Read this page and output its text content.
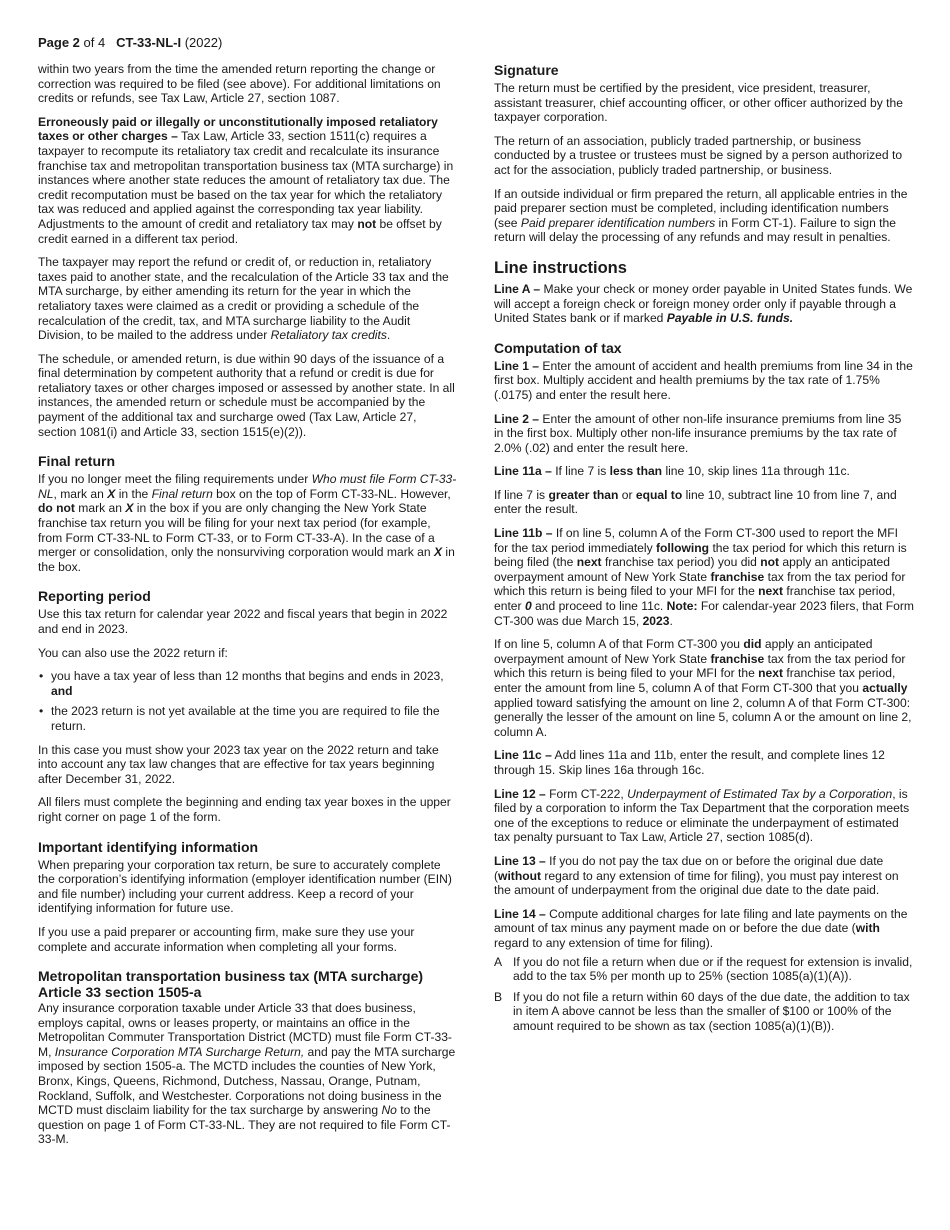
Page 2 of 4 CT-33-NL-I (2022)

within two years from the time the amended return reporting the change or correction was required to be filed (see above). For additional limitations on credits or refunds, see Tax Law, Article 27, section 1087.

Erroneously paid or illegally or unconstitutionally imposed retaliatory taxes or other charges – Tax Law, Article 33, section 1511(c) requires a taxpayer to recompute its retaliatory tax credit and recalculate its insurance franchise tax and metropolitan transportation business tax (MTA surcharge) in instances where another state reduces the amount of retaliatory tax due. The credit recomputation must be based on the tax year for which the retaliatory tax was reduced and applied against the corresponding tax year liability. Adjustments to the amount of credit and retaliatory tax may not be offset by credit earned in a different tax period.

The taxpayer may report the refund or credit of, or reduction in, retaliatory taxes paid to another state, and the recalculation of the Article 33 tax and the MTA surcharge, by either amending its return for the year in which the retaliatory taxes were claimed as a credit or providing a schedule of the recalculation of the credit, tax, and MTA surcharge liability to the Audit Division, to be mailed to the address under Retaliatory tax credits.

The schedule, or amended return, is due within 90 days of the issuance of a final determination by competent authority that a refund or credit is due for retaliatory taxes or other charges imposed or assessed by another state. In all instances, the amended return or schedule must be accompanied by the payment of the additional tax and surcharge owed (Tax Law, Article 27, section 1081(i) and Article 33, section 1515(e)(2)).

Final return

If you no longer meet the filing requirements under Who must file Form CT-33-NL, mark an X in the Final return box on the top of Form CT-33-NL. However, do not mark an X in the box if you are only changing the New York State franchise tax return you will be filing for your next tax period (for example, from Form CT-33-NL to Form CT-33, or to Form CT-33-A). In the case of a merger or consolidation, only the nonsurviving corporation would mark an X in the box.

Reporting period

Use this tax return for calendar year 2022 and fiscal years that begin in 2022 and end in 2023.

You can also use the 2022 return if:

• you have a tax year of less than 12 months that begins and ends in 2023, and
• the 2023 return is not yet available at the time you are required to file the return.

In this case you must show your 2023 tax year on the 2022 return and take into account any tax law changes that are effective for tax years beginning after December 31, 2022.

All filers must complete the beginning and ending tax year boxes in the upper right corner on page 1 of the form.

Important identifying information

When preparing your corporation tax return, be sure to accurately complete the corporation’s identifying information (employer identification number (EIN) and file number) including your current address. Keep a record of your identifying information for future use.

If you use a paid preparer or accounting firm, make sure they use your complete and accurate information when completing all your forms.

Metropolitan transportation business tax (MTA surcharge)
Article 33 section 1505-a

Any insurance corporation taxable under Article 33 that does business, employs capital, owns or leases property, or maintains an office in the Metropolitan Commuter Transportation District (MCTD) must file Form CT-33-M, Insurance Corporation MTA Surcharge Return, and pay the MTA surcharge imposed by section 1505-a. The MCTD includes the counties of New York, Bronx, Kings, Queens, Richmond, Dutchess, Nassau, Orange, Putnam, Rockland, Suffolk, and Westchester. Corporations not doing business in the MCTD must disclaim liability for the tax surcharge by answering No to the question on page 1 of Form CT-33-NL. They are not required to file Form CT-33-M.

Signature

The return must be certified by the president, vice president, treasurer, assistant treasurer, chief accounting officer, or other officer authorized by the taxpayer corporation.

The return of an association, publicly traded partnership, or business conducted by a trustee or trustees must be signed by a person authorized to act for the association, publicly traded partnership, or business.

If an outside individual or firm prepared the return, all applicable entries in the paid preparer section must be completed, including identification numbers (see Paid preparer identification numbers in Form CT-1). Failure to sign the return will delay the processing of any refunds and may result in penalties.

Line instructions

Line A – Make your check or money order payable in United States funds. We will accept a foreign check or foreign money order only if payable through a United States bank or if marked Payable in U.S. funds.

Computation of tax

Line 1 – Enter the amount of accident and health premiums from line 34 in the first box. Multiply accident and health premiums by the tax rate of 1.75% (.0175) and enter the result here.

Line 2 – Enter the amount of other non-life insurance premiums from line 35 in the first box. Multiply other non-life insurance premiums by the tax rate of 2.0% (.02) and enter the result here.

Line 11a – If line 7 is less than line 10, skip lines 11a through 11c.

If line 7 is greater than or equal to line 10, subtract line 10 from line 7, and enter the result.

Line 11b – If on line 5, column A of the Form CT-300 used to report the MFI for the tax period immediately following the tax period for which this return is being filed (the next franchise tax period) you did not apply an anticipated overpayment amount of New York State franchise tax from the tax period for which this return is being filed to your MFI for the next franchise tax period, enter 0 and proceed to line 11c. Note: For calendar-year 2023 filers, that Form CT-300 was due March 15, 2023.

If on line 5, column A of that Form CT-300 you did apply an anticipated overpayment amount of New York State franchise tax from the tax period for which this return is being filed to your MFI for the next franchise tax period, enter the amount from line 5, column A of that Form CT-300 that you actually applied toward satisfying the amount on line 2, column A of that Form CT-300: generally the lesser of the amount on line 5, column A or the amount on line 2, column A.

Line 11c – Add lines 11a and 11b, enter the result, and complete lines 12 through 15. Skip lines 16a through 16c.

Line 12 – Form CT-222, Underpayment of Estimated Tax by a Corporation, is filed by a corporation to inform the Tax Department that the corporation meets one of the exceptions to reduce or eliminate the underpayment of estimated tax penalty pursuant to Tax Law, Article 27, section 1085(d).

Line 13 – If you do not pay the tax due on or before the original due date (without regard to any extension of time for filing), you must pay interest on the amount of underpayment from the original due date to the date paid.

Line 14 – Compute additional charges for late filing and late payments on the amount of tax minus any payment made on or before the due date (with regard to any extension of time for filing).

A If you do not file a return when due or if the request for extension is invalid, add to the tax 5% per month up to 25% (section 1085(a)(1)(A)).
B If you do not file a return within 60 days of the due date, the addition to tax in item A above cannot be less than the smaller of $100 or 100% of the amount required to be shown as tax (section 1085(a)(1)(B)).
